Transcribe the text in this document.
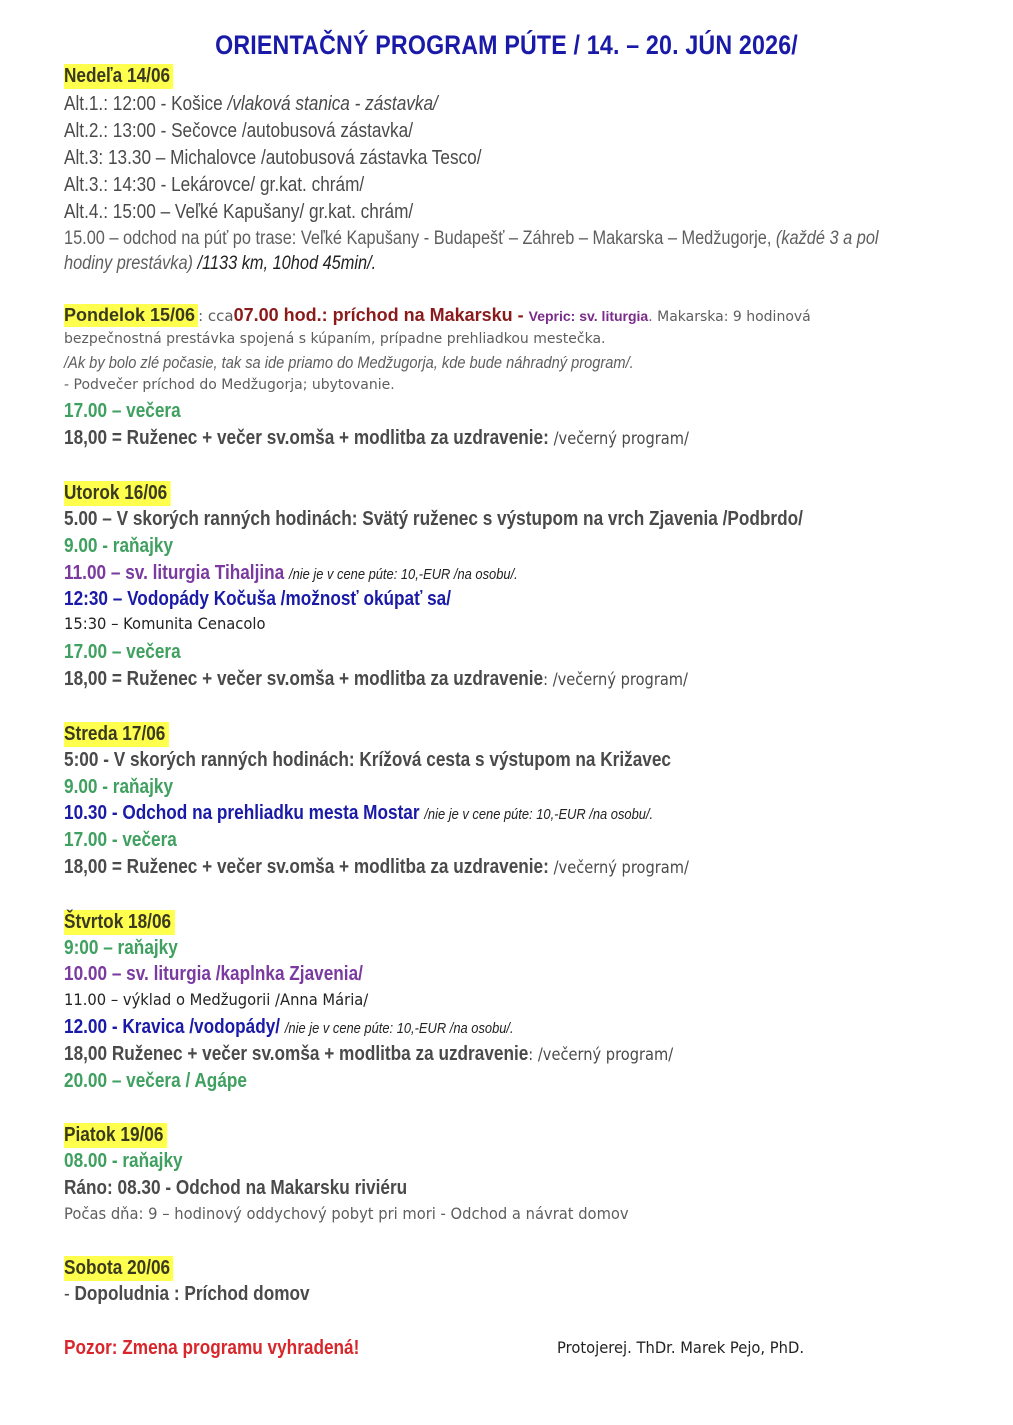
ORIENTAČNÝ PROGRAM PÚTE / 14. – 20. JÚN 2026/
Nedeľa 14/06
Alt.1.: 12:00 - Košice /vlaková stanica - zástavka/
Alt.2.: 13:00 - Sečovce /autobusová zástavka/
Alt.3: 13.30 – Michalovce /autobusová zástavka Tesco/
Alt.3.: 14:30 - Lekárovce/ gr.kat. chrám/
Alt.4.: 15:00 – Veľké Kapušany/ gr.kat. chrám/
15.00 – odchod na púť po trase: Veľké Kapušany - Budapešť – Záhreb – Makarska – Medžugorje, (každé 3 a pol
hodiny prestávka) /1133 km, 10hod 45min/.
Pondelok 15/06: cca07.00 hod.: príchod na Makarsku - Vepric: sv. liturgia. Makarska: 9 hodinová
bezpečnostná prestávka spojená s kúpaním, prípadne prehliadkou mestečka.
/Ak by bolo zlé počasie, tak sa ide priamo do Medžugorja, kde bude náhradný program/.
- Podvečer príchod do Medžugorja; ubytovanie.
17.00 – večera
18,00 = Ruženec + večer sv.omša + modlitba za uzdravenie: /večerný program/
Utorok 16/06
5.00 – V skorých ranných hodinách: Svätý ruženec s výstupom na vrch Zjavenia /Podbrdo/
9.00 - raňajky
11.00 – sv. liturgia Tihaljina /nie je v cene púte: 10,-EUR /na osobu/.
12:30 – Vodopády Kočuša /možnosť okúpať sa/
15:30 – Komunita Cenacolo
17.00 – večera
18,00 = Ruženec + večer sv.omša + modlitba za uzdravenie: /večerný program/
Streda 17/06
5:00 - V skorých ranných hodinách: Krížová cesta s výstupom na Križavec
9.00 - raňajky
10.30 - Odchod na prehliadku mesta Mostar /nie je v cene púte: 10,-EUR /na osobu/.
17.00 - večera
18,00 = Ruženec + večer sv.omša + modlitba za uzdravenie: /večerný program/
Štvrtok 18/06
9:00 – raňajky
10.00 – sv. liturgia /kaplnka Zjavenia/
11.00 – výklad o Medžugorii /Anna Mária/
12.00 - Kravica /vodopády/ /nie je v cene púte: 10,-EUR /na osobu/.
18,00 Ruženec + večer sv.omša + modlitba za uzdravenie: /večerný program/
20.00 – večera / Agápe
Piatok 19/06
08.00 - raňajky
Ráno: 08.30 - Odchod na Makarsku riviéru
Počas dňa: 9 – hodinový oddychový pobyt pri mori - Odchod a návrat domov
Sobota 20/06
- Dopoludnia : Príchod domov
Pozor: Zmena programu vyhradená!	Protojerej. ThDr. Marek Pejo, PhD.
